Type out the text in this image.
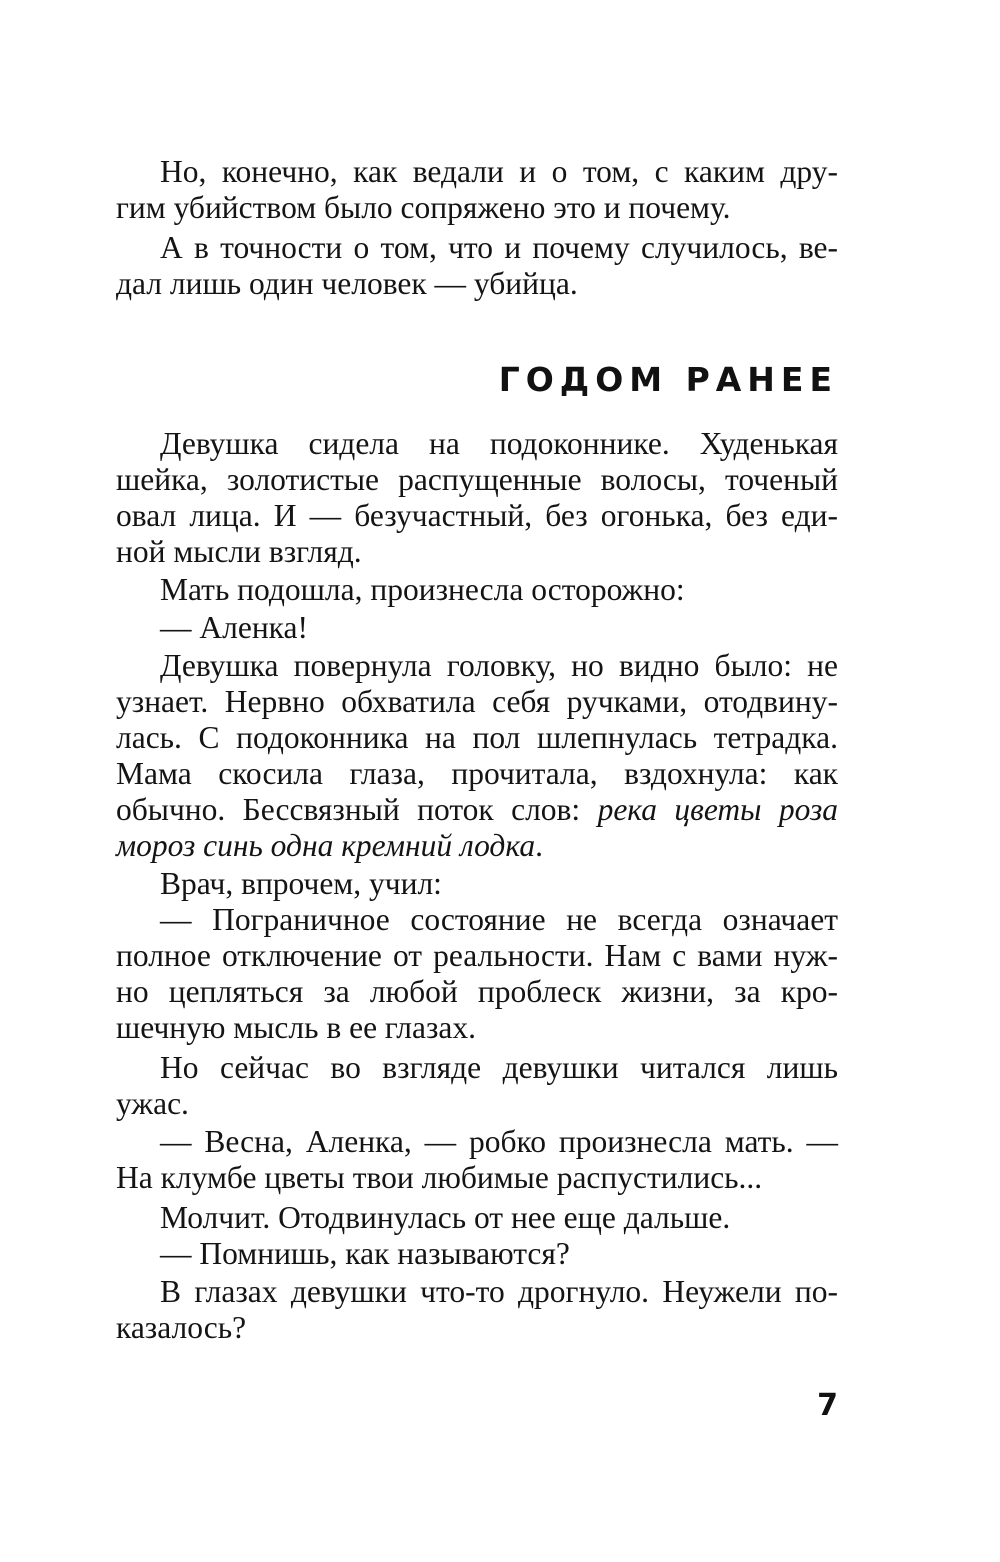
Но, конечно, как ведали и о том, с каким дру-
гим убийством было сопряжено это и почему.
А в точности о том, что и почему случилось, ве-
дал лишь один человек — убийца.
ГОДОМ РАНЕЕ
Девушка сидела на подоконнике. Худенькая
шейка, золотистые распущенные волосы, точеный
овал лица. И — безучастный, без огонька, без еди-
ной мысли взгляд.
Мать подошла, произнесла осторожно:
— Аленка!
Девушка повернула головку, но видно было: не
узнает. Нервно обхватила себя ручками, отодвину-
лась. С подоконника на пол шлепнулась тетрадка.
Мама скосила глаза, прочитала, вздохнула: как
обычно. Бессвязный поток слов: река цветы роза
мороз синь одна кремний лодка.
Врач, впрочем, учил:
— Пограничное состояние не всегда означает
полное отключение от реальности. Нам с вами нуж-
но цепляться за любой проблеск жизни, за кро-
шечную мысль в ее глазах.
Но сейчас во взгляде девушки читался лишь
ужас.
— Весна, Аленка, — робко произнесла мать. —
На клумбе цветы твои любимые распустились...
Молчит. Отодвинулась от нее еще дальше.
— Помнишь, как называются?
В глазах девушки что-то дрогнуло. Неужели по-
казалось?
7
